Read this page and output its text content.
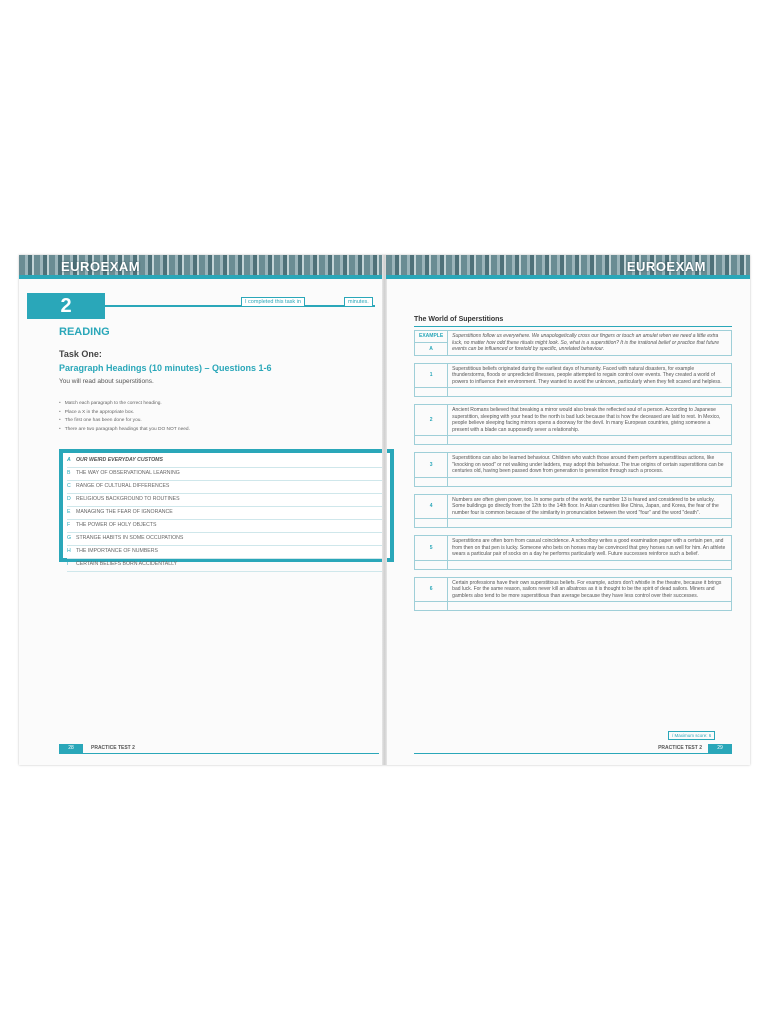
EUROEXAM
2	I completed this task in	minutes.
READING
Task One:
Paragraph Headings (10 minutes) – Questions 1-6
You will read about superstitions.
• Match each paragraph to the correct heading.
• Place a X in the appropriate box.
• The first one has been done for you.
• There are two paragraph headings that you DO NOT need.
A OUR WEIRD EVERYDAY CUSTOMS
B THE WAY OF OBSERVATIONAL LEARNING
C RANGE OF CULTURAL DIFFERENCES
D RELIGIOUS BACKGROUND TO ROUTINES
E MANAGING THE FEAR OF IGNORANCE
F THE POWER OF HOLY OBJECTS
G STRANGE HABITS IN SOME OCCUPATIONS
H THE IMPORTANCE OF NUMBERS
I CERTAIN BELIEFS BORN ACCIDENTALLY
28	PRACTICE TEST 2
EUROEXAM
The World of Superstitions
EXAMPLE	Superstitions follow us everywhere. We unapologetically cross our fingers or touch an amulet when we need a little extra luck, no matter how odd these rituals might look. So, what is a superstition? It is the irrational belief or practice that future events can be influenced or foretold by specific, unrelated behaviour.
A	

1	Superstitious beliefs originated during the earliest days of humanity. Faced with natural disasters, for example thunderstorms, floods or unpredicted illnesses, people attempted to regain control over events. They created a world of powers to influence their environment. They wanted to avoid the unknown, particularly when they felt scared and helpless.

2	Ancient Romans believed that breaking a mirror would also break the reflected soul of a person. According to Japanese superstition, sleeping with your head to the north is bad luck because that is how the deceased are laid to rest. In Mexico, people believe sleeping facing mirrors opens a doorway for the devil. In many European countries, giving someone a present with a blade can supposedly sever a relationship.

3	Superstitions can also be learned behaviour. Children who watch those around them perform superstitious actions, like "knocking on wood" or not walking under ladders, may adopt this behaviour. The true origins of certain superstitions can be centuries old, having been passed down from generation to generation through such a process.

4	Numbers are often given power, too. In some parts of the world, the number 13 is feared and considered to be unlucky. Some buildings go directly from the 12th to the 14th floor. In Asian countries like China, Japan, and Korea, the fear of the number four is common because of the similarity in pronunciation between the word "four" and the word "death".

5	Superstitions are often born from casual coincidence. A schoolboy writes a good examination paper with a certain pen, and from then on that pen is lucky. Someone who bets on horses may be convinced that grey horses run well for him. An athlete wears a particular pair of socks on a day he performs particularly well. Future successes reinforce such a belief.

6	Certain professions have their own superstitious beliefs. For example, actors don't whistle in the theatre, because it brings bad luck. For the same reason, sailors never kill an albatross as it is thought to be the spirit of dead sailors. Miners and gamblers also tend to be more superstitious than average because they have less control over their successes.

/ Maximum score: 6
PRACTICE TEST 2	29
